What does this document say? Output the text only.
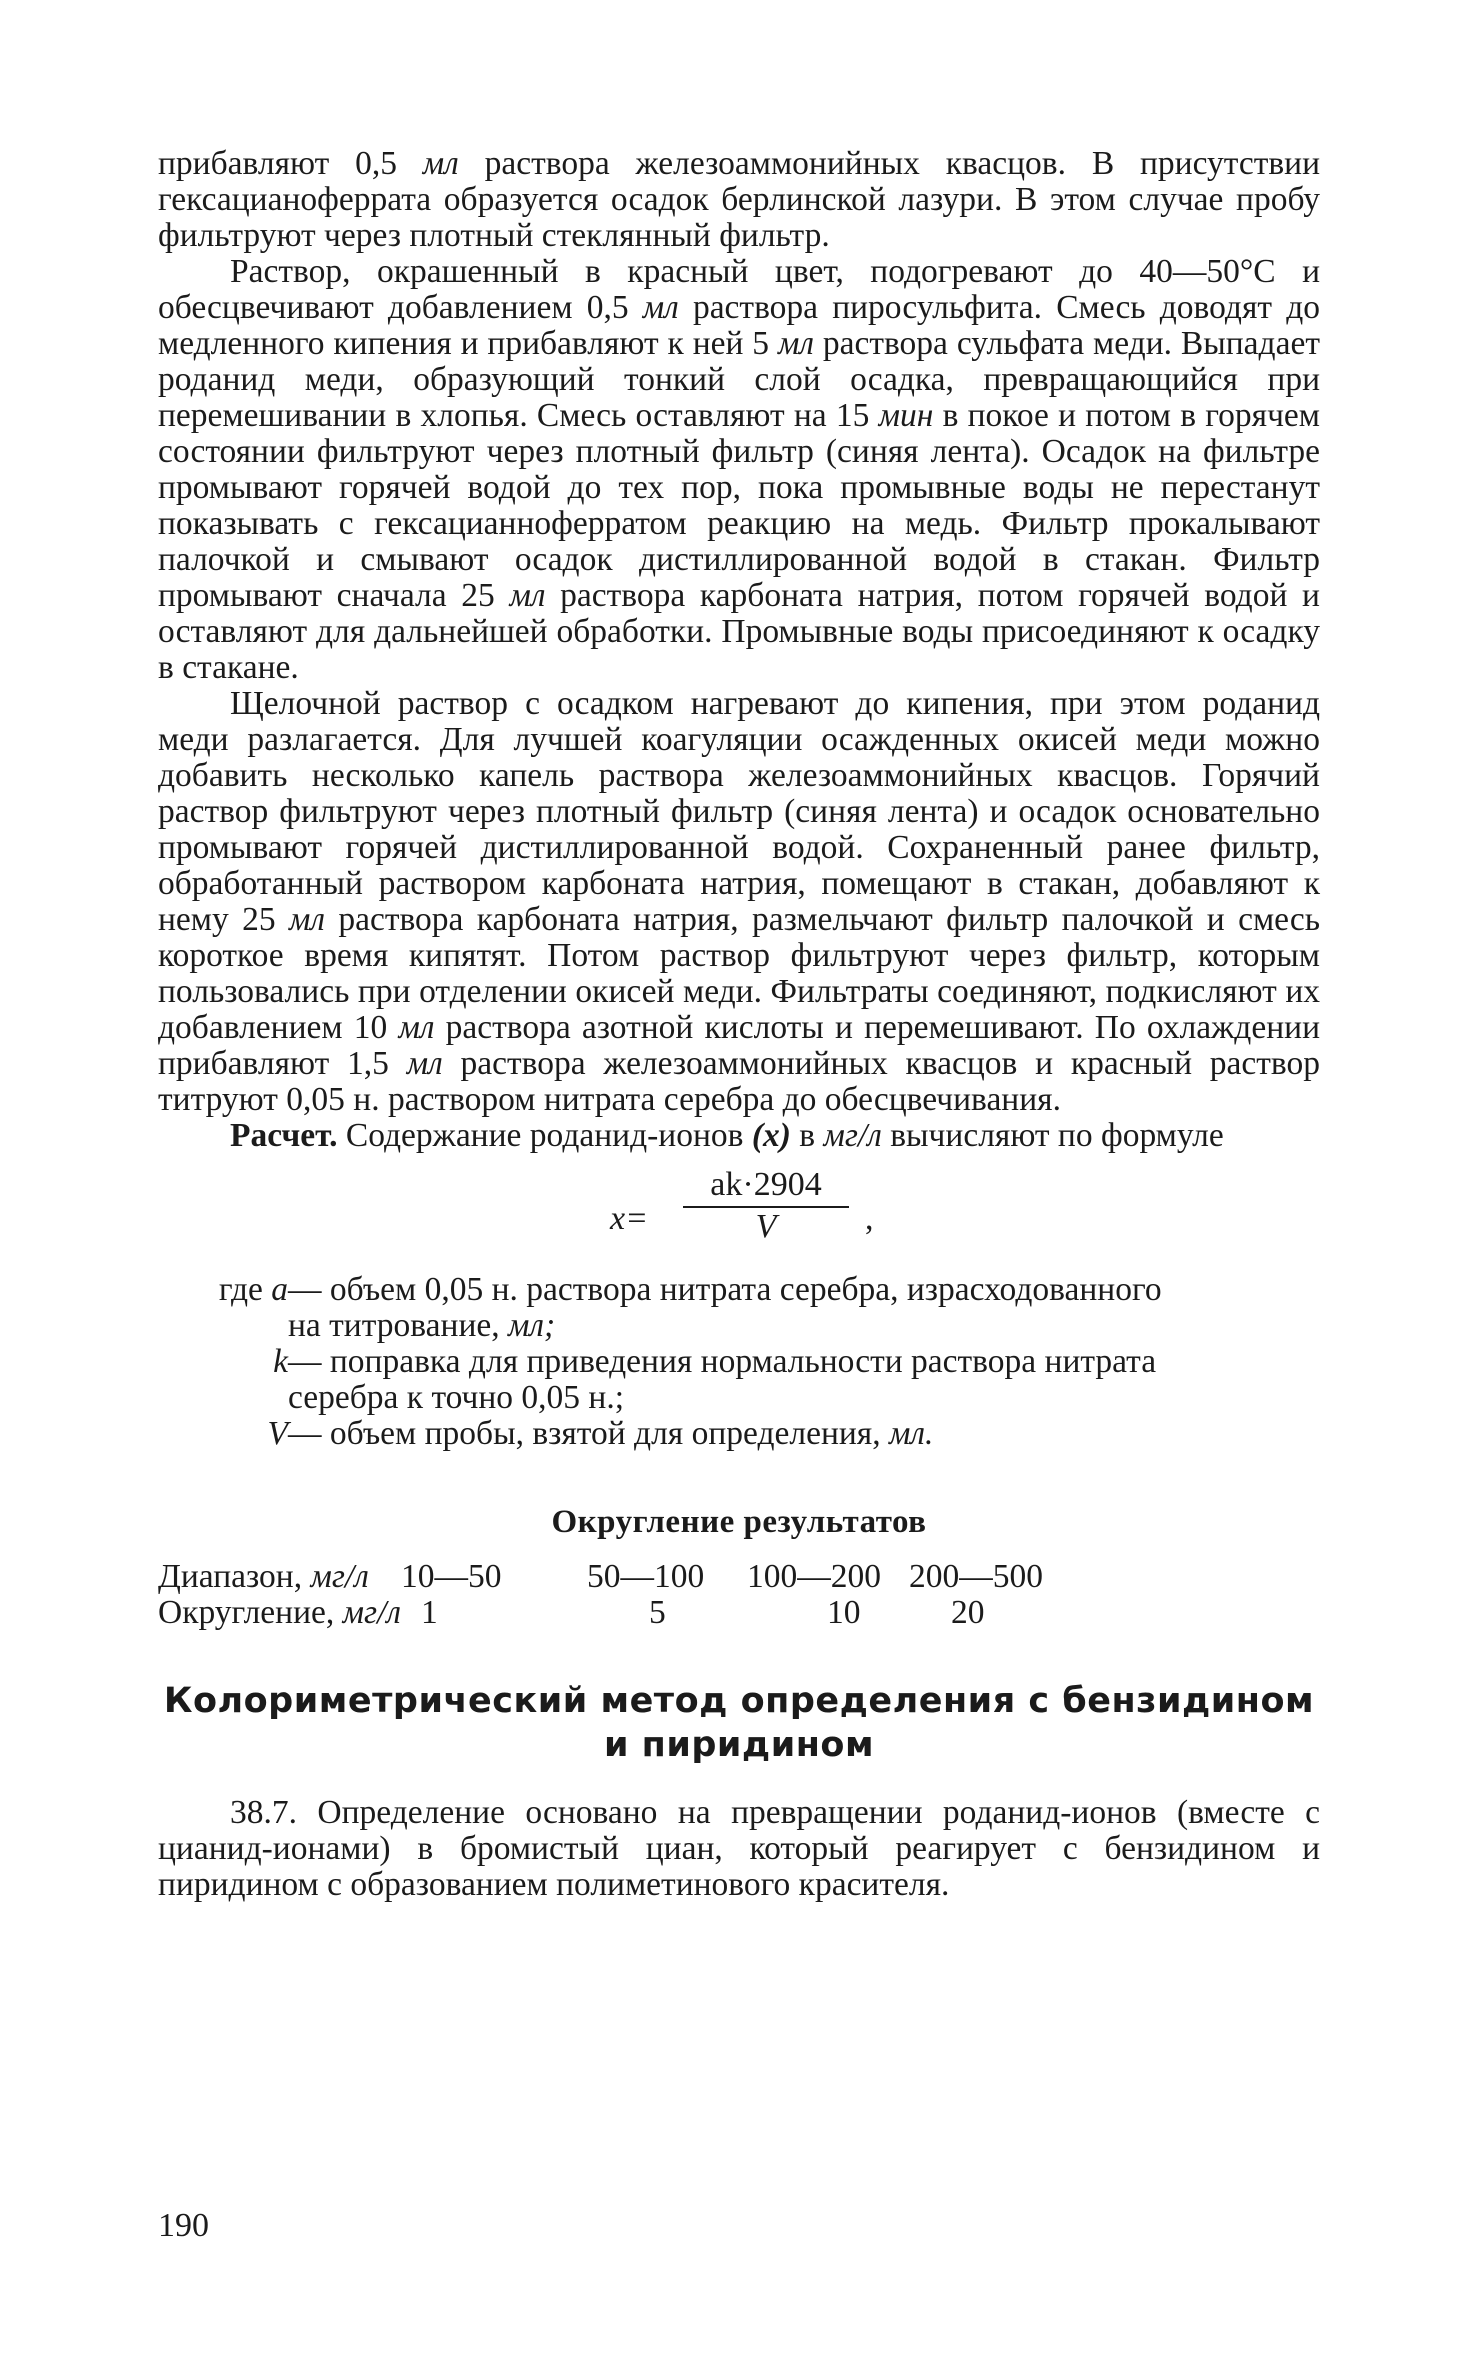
прибавляют 0,5 мл раствора железоаммонийных квасцов. В присутствии гексацианоферрата образуется осадок берлинской лазури. В этом случае пробу фильтруют через плотный стеклянный фильтр.

Раствор, окрашенный в красный цвет, подогревают до 40—50°С и обесцвечивают добавлением 0,5 мл раствора пиросульфита. Смесь доводят до медленного кипения и прибавляют к ней 5 мл раствора сульфата меди. Выпадает роданид меди, образующий тонкий слой осадка, превращающийся при перемешивании в хлопья. Смесь оставляют на 15 мин в покое и потом в горячем состоянии фильтруют через плотный фильтр (синяя лента). Осадок на фильтре промывают горячей водой до тех пор, пока промывные воды не перестанут показывать с гексацианноферратом реакцию на медь. Фильтр прокалывают палочкой и смывают осадок дистиллированной водой в стакан. Фильтр промывают сначала 25 мл раствора карбоната натрия, потом горячей водой и оставляют для дальнейшей обработки. Промывные воды присоединяют к осадку в стакане.

Щелочной раствор с осадком нагревают до кипения, при этом роданид меди разлагается. Для лучшей коагуляции осажденных окисей меди можно добавить несколько капель раствора железоаммонийных квасцов. Горячий раствор фильтруют через плотный фильтр (синяя лента) и осадок основательно промывают горячей дистиллированной водой. Сохраненный ранее фильтр, обработанный раствором карбоната натрия, помещают в стакан, добавляют к нему 25 мл раствора карбоната натрия, размельчают фильтр палочкой и смесь короткое время кипятят. Потом раствор фильтруют через фильтр, которым пользовались при отделении окисей меди. Фильтраты соединяют, подкисляют их добавлением 10 мл раствора азотной кислоты и перемешивают. По охлаждении прибавляют 1,5 мл раствора железоаммонийных квасцов и красный раствор титруют 0,05 н. раствором нитрата серебра до обесцвечивания.

Расчет. Содержание роданид-ионов (x) в мг/л вычисляют по формуле

$x= \frac{ak\cdot 2904}{V}$ ,
где a — объем 0,05 н. раствора нитрата серебра, израсходованного
на титрование, мл;
k — поправка для приведения нормальности раствора нитрата
серебра к точно 0,05 н.;
V — объем пробы, взятой для определения, мл.
Округление результатов
Диапазон, мг/л	10—50	50—100	100—200	200—500
Округление, мг/л	1	5	10	20
Колориметрический метод определения с бензидином
и пиридином

38.7. Определение основано на превращении роданид-ионов (вместе с цианид-ионами) в бромистый циан, который реагирует с бензидином и пиридином с образованием полиметинового красителя.

190
